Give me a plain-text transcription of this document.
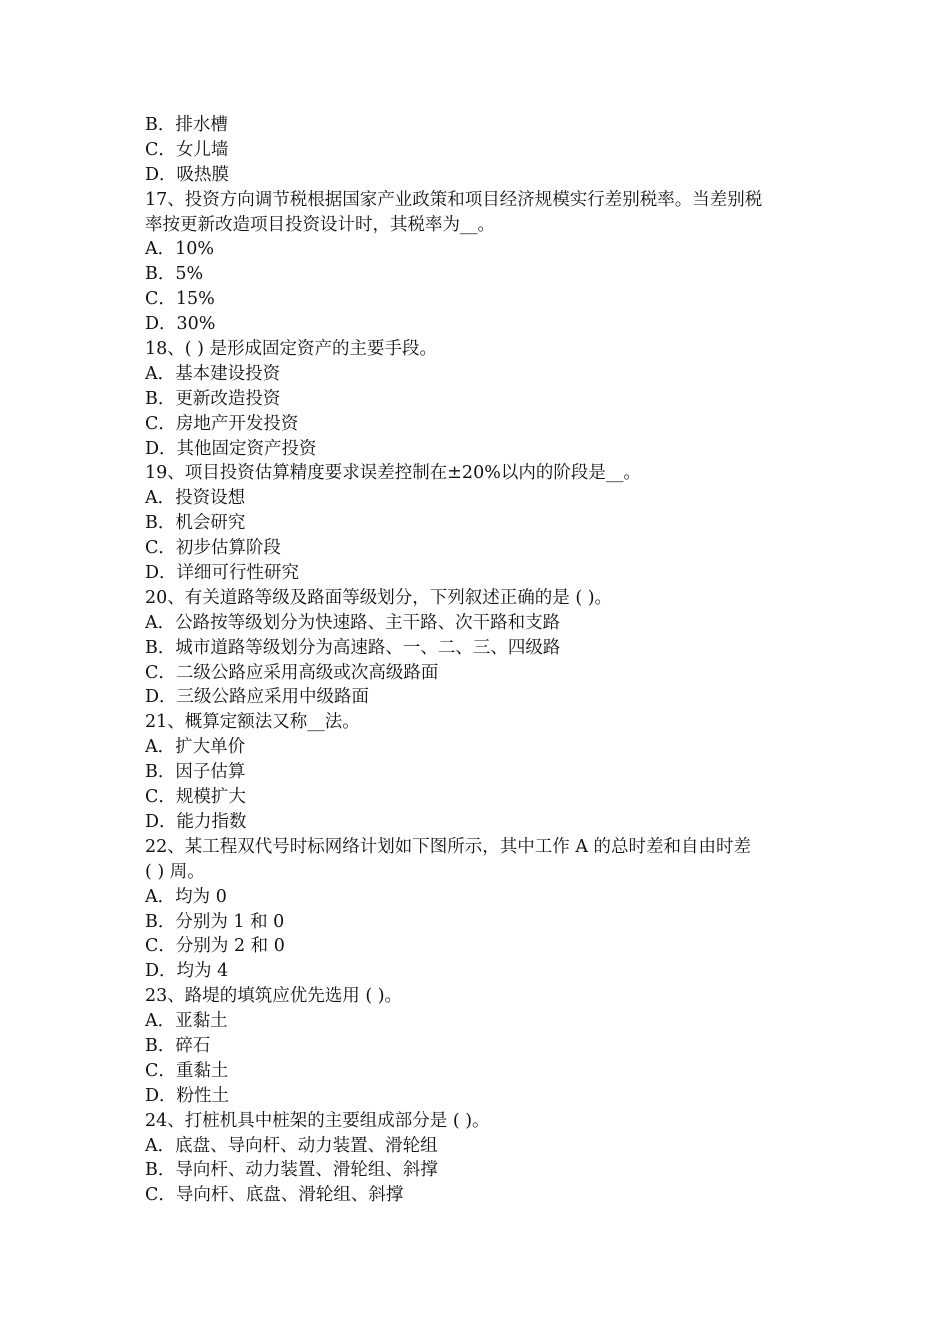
B．排水槽
C．女儿墙
D．吸热膜
17、投资方向调节税根据国家产业政策和项目经济规模实行差别税率。当差别税
率按更新改造项目投资设计时，其税率为__。
A．10%
B．5%
C．15%
D．30%
18、( ) 是形成固定资产的主要手段。
A．基本建设投资
B．更新改造投资
C．房地产开发投资
D．其他固定资产投资
19、项目投资估算精度要求误差控制在±20%以内的阶段是__。
A．投资设想
B．机会研究
C．初步估算阶段
D．详细可行性研究
20、有关道路等级及路面等级划分，下列叙述正确的是 ( )。
A．公路按等级划分为快速路、主干路、次干路和支路
B．城市道路等级划分为高速路、一、二、三、四级路
C．二级公路应采用高级或次高级路面
D．三级公路应采用中级路面
21、概算定额法又称__法。
A．扩大单价
B．因子估算
C．规模扩大
D．能力指数
22、某工程双代号时标网络计划如下图所示，其中工作 A 的总时差和自由时差
( ) 周。
A．均为 0
B．分别为 1 和 0
C．分别为 2 和 0
D．均为 4
23、路堤的填筑应优先选用 ( )。
A．亚黏土
B．碎石
C．重黏土
D．粉性土
24、打桩机具中桩架的主要组成部分是 ( )。
A．底盘、导向杆、动力装置、滑轮组
B．导向杆、动力装置、滑轮组、斜撑
C．导向杆、底盘、滑轮组、斜撑
